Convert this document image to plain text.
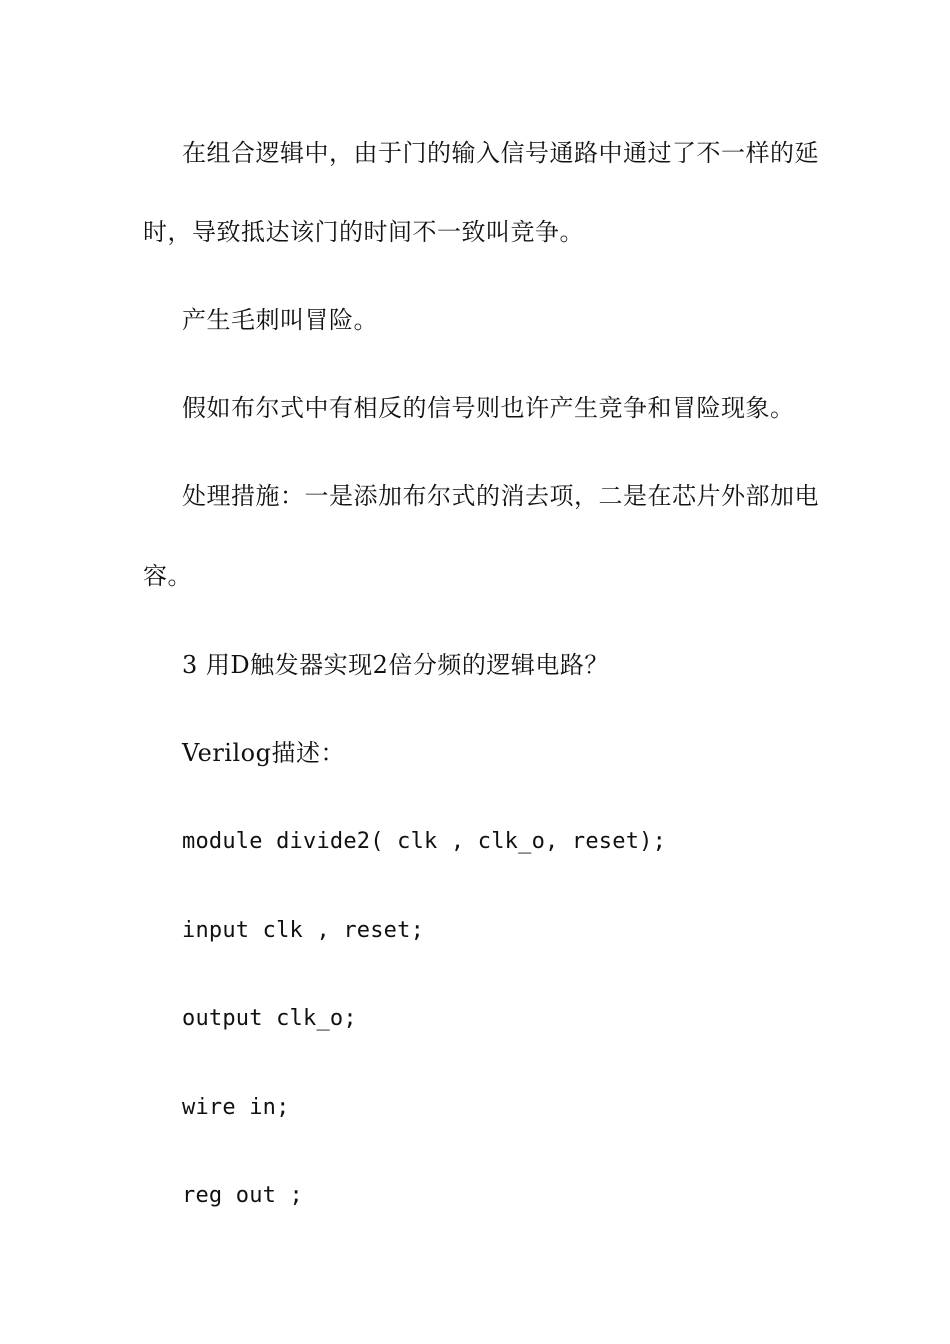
在组合逻辑中，由于门的输入信号通路中通过了不一样的延
时，导致抵达该门的时间不一致叫竞争。
产生毛刺叫冒险。
假如布尔式中有相反的信号则也许产生竞争和冒险现象。
处理措施：一是添加布尔式的消去项，二是在芯片外部加电
容。
3 用D触发器实现2倍分频的逻辑电路？
Verilog描述：
module divide2( clk , clk_o, reset);
input clk , reset;
output clk_o;
wire in;
reg out ;
